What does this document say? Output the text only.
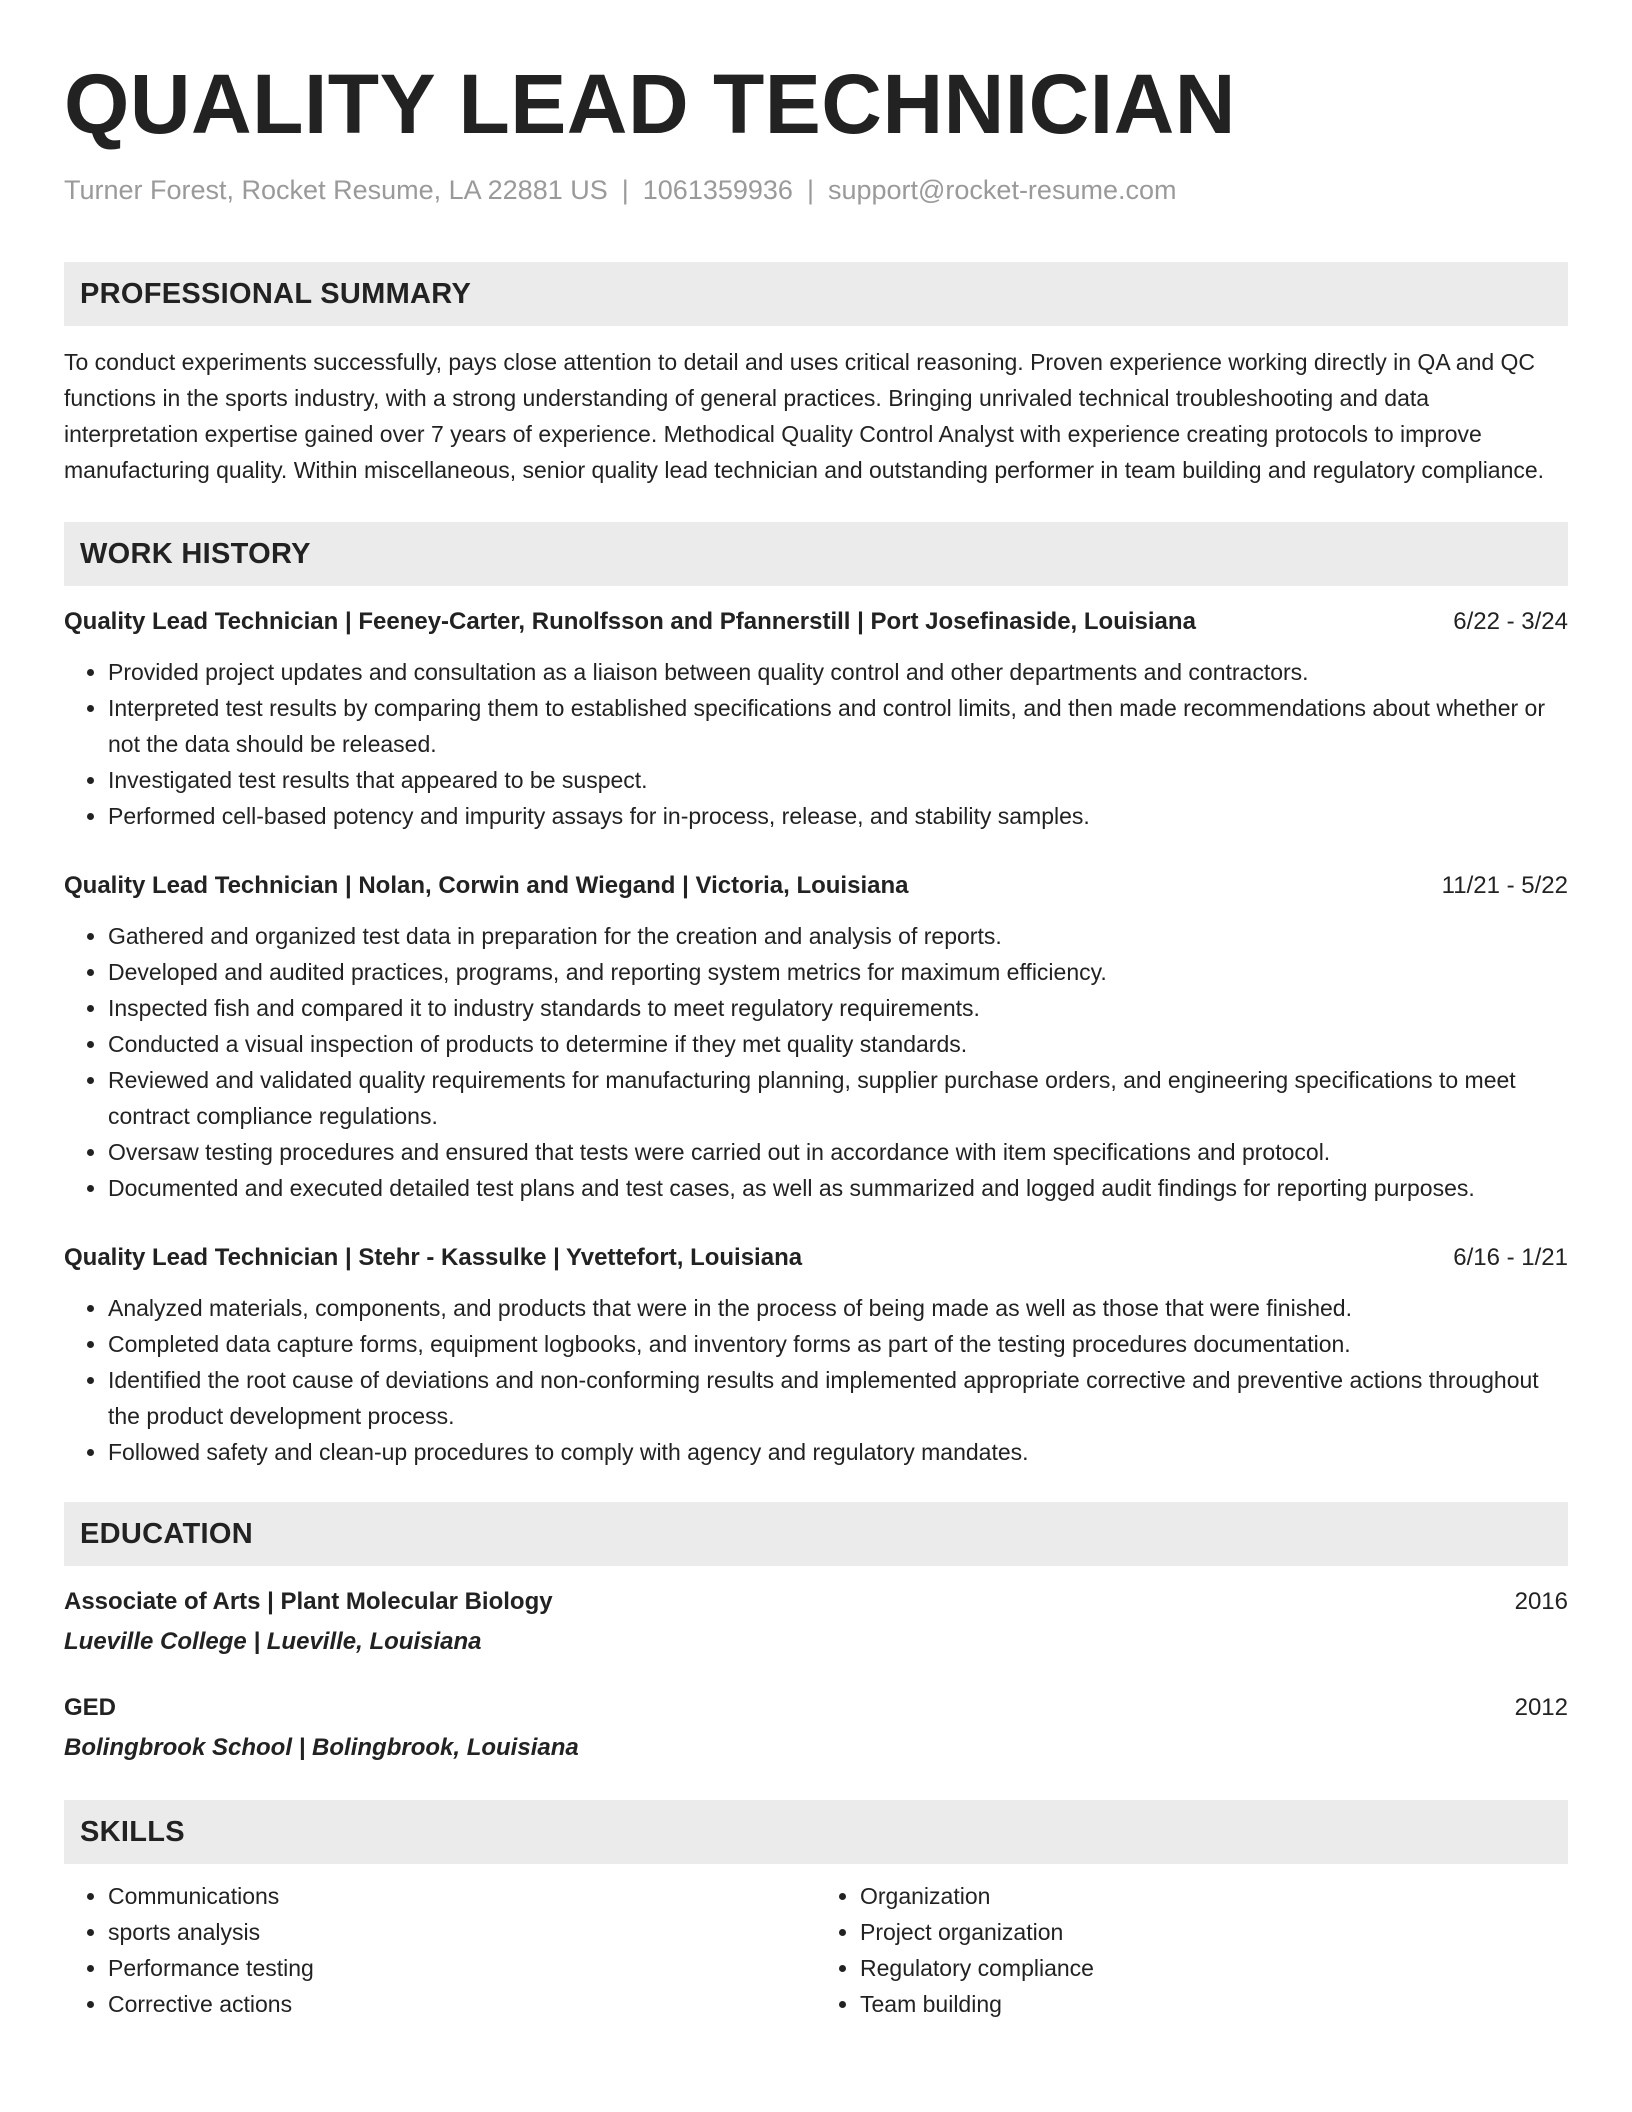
QUALITY LEAD TECHNICIAN
Turner Forest, Rocket Resume, LA 22881 US | 1061359936 | support@rocket-resume.com
PROFESSIONAL SUMMARY
To conduct experiments successfully, pays close attention to detail and uses critical reasoning. Proven experience working directly in QA and QC functions in the sports industry, with a strong understanding of general practices. Bringing unrivaled technical troubleshooting and data interpretation expertise gained over 7 years of experience. Methodical Quality Control Analyst with experience creating protocols to improve manufacturing quality. Within miscellaneous, senior quality lead technician and outstanding performer in team building and regulatory compliance.
WORK HISTORY
Quality Lead Technician | Feeney-Carter, Runolfsson and Pfannerstill | Port Josefinaside, Louisiana	6/22 - 3/24
• Provided project updates and consultation as a liaison between quality control and other departments and contractors.
• Interpreted test results by comparing them to established specifications and control limits, and then made recommendations about whether or not the data should be released.
• Investigated test results that appeared to be suspect.
• Performed cell-based potency and impurity assays for in-process, release, and stability samples.
Quality Lead Technician | Nolan, Corwin and Wiegand | Victoria, Louisiana	11/21 - 5/22
• Gathered and organized test data in preparation for the creation and analysis of reports.
• Developed and audited practices, programs, and reporting system metrics for maximum efficiency.
• Inspected fish and compared it to industry standards to meet regulatory requirements.
• Conducted a visual inspection of products to determine if they met quality standards.
• Reviewed and validated quality requirements for manufacturing planning, supplier purchase orders, and engineering specifications to meet contract compliance regulations.
• Oversaw testing procedures and ensured that tests were carried out in accordance with item specifications and protocol.
• Documented and executed detailed test plans and test cases, as well as summarized and logged audit findings for reporting purposes.
Quality Lead Technician | Stehr - Kassulke | Yvettefort, Louisiana	6/16 - 1/21
• Analyzed materials, components, and products that were in the process of being made as well as those that were finished.
• Completed data capture forms, equipment logbooks, and inventory forms as part of the testing procedures documentation.
• Identified the root cause of deviations and non-conforming results and implemented appropriate corrective and preventive actions throughout the product development process.
• Followed safety and clean-up procedures to comply with agency and regulatory mandates.
EDUCATION
Associate of Arts | Plant Molecular Biology	2016
Lueville College | Lueville, Louisiana
GED	2012
Bolingbrook School | Bolingbrook, Louisiana
SKILLS
• Communications
• sports analysis
• Performance testing
• Corrective actions
• Organization
• Project organization
• Regulatory compliance
• Team building
